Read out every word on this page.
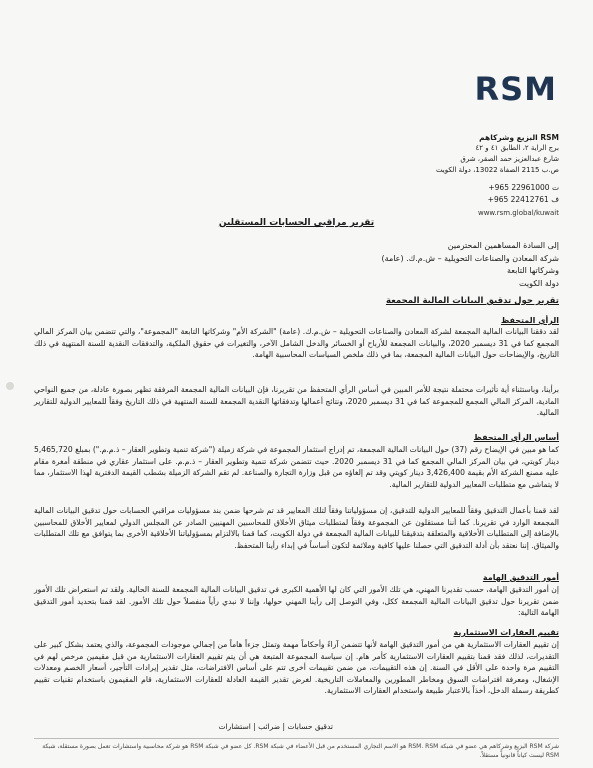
RSM
RSM البزيع وشركاهم
برج الراية ٢، الطابق ٤١ و ٤٢
شارع عبدالعزيز حمد الصقر، شرق
ص.ب 2115 الصفاة 13022، دولة الكويت
+965 22961000 ت
+965 22412761 ف
www.rsm.global/kuwait
تقرير مراقبي الحسابات المستقلين
إلى السادة المساهمين المحترمين
شركة المعادن والصناعات التحويلية – ش.م.ك. (عامة)
وشركاتها التابعة
دولة الكويت
تقرير حول تدقيق البيانات المالية المجمعة
الرأي المتحفظ
لقد دققنا البيانات المالية المجمعة لشركة المعادن والصناعات التحويلية – ش.م.ك. (عامة) "الشركة الأم" وشركاتها التابعة "المجموعة"، والتي تتضمن بيان المركز المالي المجمع كما في 31 ديسمبر 2020، والبيانات المجمعة للأرباح أو الخسائر والدخل الشامل الآخر، والتغيرات في حقوق الملكية، والتدفقات النقدية للسنة المنتهية في ذلك التاريخ، والإيضاحات حول البيانات المالية المجمعة، بما في ذلك ملخص السياسات المحاسبية الهامة.
برأينا، وباستثناء أية تأثيرات محتملة نتيجة للأمر المبين في أساس الرأي المتحفظ من تقريرنا، فإن البيانات المالية المجمعة المرفقة تظهر بصورة عادلة، من جميع النواحي المادية، المركز المالي المجمع للمجموعة كما في 31 ديسمبر 2020، ونتائج أعمالها وتدفقاتها النقدية المجمعة للسنة المنتهية في ذلك التاريخ وفقاً للمعايير الدولية للتقارير المالية.
أساس الرأي المتحفظ
كما هو مبين في الإيضاح رقم (37) حول البيانات المالية المجمعة، تم إدراج استثمار المجموعة في شركة زميلة ("شركة تنمية وتطوير العقار – ذ.م.م.") بمبلغ 5,465,720 دينار كويتي، في بيان المركز المالي المجمع كما في 31 ديسمبر 2020. حيث تتضمن شركة تنمية وتطوير العقار – ذ.م.م. على استثمار عقاري في منطقة أمغرة مقام عليه مصنع الشركة الأم بقيمة 3,426,400 دينار كويتي وقد تم إلغاؤه من قبل وزارة التجارة والصناعة. لم تقم الشركة الزميلة بشطب القيمة الدفترية لهذا الاستثمار، مما لا يتماشى مع متطلبات المعايير الدولية للتقارير المالية.
لقد قمنا بأعمال التدقيق وفقاً للمعايير الدولية للتدقيق، إن مسؤولياتنا وفقاً لتلك المعايير قد تم شرحها ضمن بند مسؤوليات مراقبي الحسابات حول تدقيق البيانات المالية المجمعة الوارد في تقريرنا. كما أننا مستقلون عن المجموعة وفقاً لمتطلبات ميثاق الأخلاق للمحاسبين المهنيين الصادر عن المجلس الدولي لمعايير الأخلاق للمحاسبين بالإضافة إلى المتطلبات الأخلاقية والمتعلقة بتدقيقنا للبيانات المالية المجمعة في دولة الكويت، كما قمنا بالالتزام بمسؤولياتنا الأخلاقية الأخرى بما يتوافق مع تلك المتطلبات والميثاق. إننا نعتقد بأن أدلة التدقيق التي حصلنا عليها كافية وملائمة لتكون أساساً في إبداء رأينا المتحفظ.
أمور التدقيق الهامة
إن أمور التدقيق الهامة، حسب تقديرنا المهني، هي تلك الأمور التي كان لها الأهمية الكبرى في تدقيق البيانات المالية المجمعة للسنة الحالية. ولقد تم استعراض تلك الأمور ضمن تقريرنا حول تدقيق البيانات المالية المجمعة ككل، وفي التوصل إلى رأينا المهني حولها، وإننا لا نبدي رأياً منفصلاً حول تلك الأمور. لقد قمنا بتحديد أمور التدقيق الهامة التالية:
تقييم العقارات الاستثمارية
إن تقييم العقارات الاستثمارية هي من أمور التدقيق الهامة لأنها تتضمن آراءً وأحكاماً مهمة وتمثل جزءاً هاماً من إجمالي موجودات المجموعة، والذي يعتمد بشكل كبير على التقديرات، لذلك فقد قمنا بتقييم العقارات الاستثمارية كأمر هام. إن سياسة المجموعة المتبعة هي أن يتم تقييم العقارات الاستثمارية من قبل مقيمين مرخص لهم في التقييم مرة واحدة على الأقل في السنة. إن هذه التقييمات، من ضمن تقييمات أخرى تتم على أساس الافتراضات، مثل تقدير إيرادات التأجير، أسعار الخصم ومعدلات الإشغال، ومعرفة افتراضات السوق ومخاطر المطورين والمعاملات التاريخية. لغرض تقدير القيمة العادلة للعقارات الاستثمارية، قام المقيمون باستخدام تقنيات تقييم كطريقة رسملة الدخل، أخذاً بالاعتبار طبيعة واستخدام العقارات الاستثمارية.
تدقيق حسابات | ضرائب | استشارات
شركة RSM البزيع وشركاهم هي عضو في شبكة RSM. RSM هو الاسم التجاري المستخدم من قبل الأعضاء في شبكة RSM. كل عضو في شبكة RSM هو شركة محاسبية واستشارات تعمل بصورة مستقلة، شبكة RSM ليست كياناً قانونياً مستقلاً.
